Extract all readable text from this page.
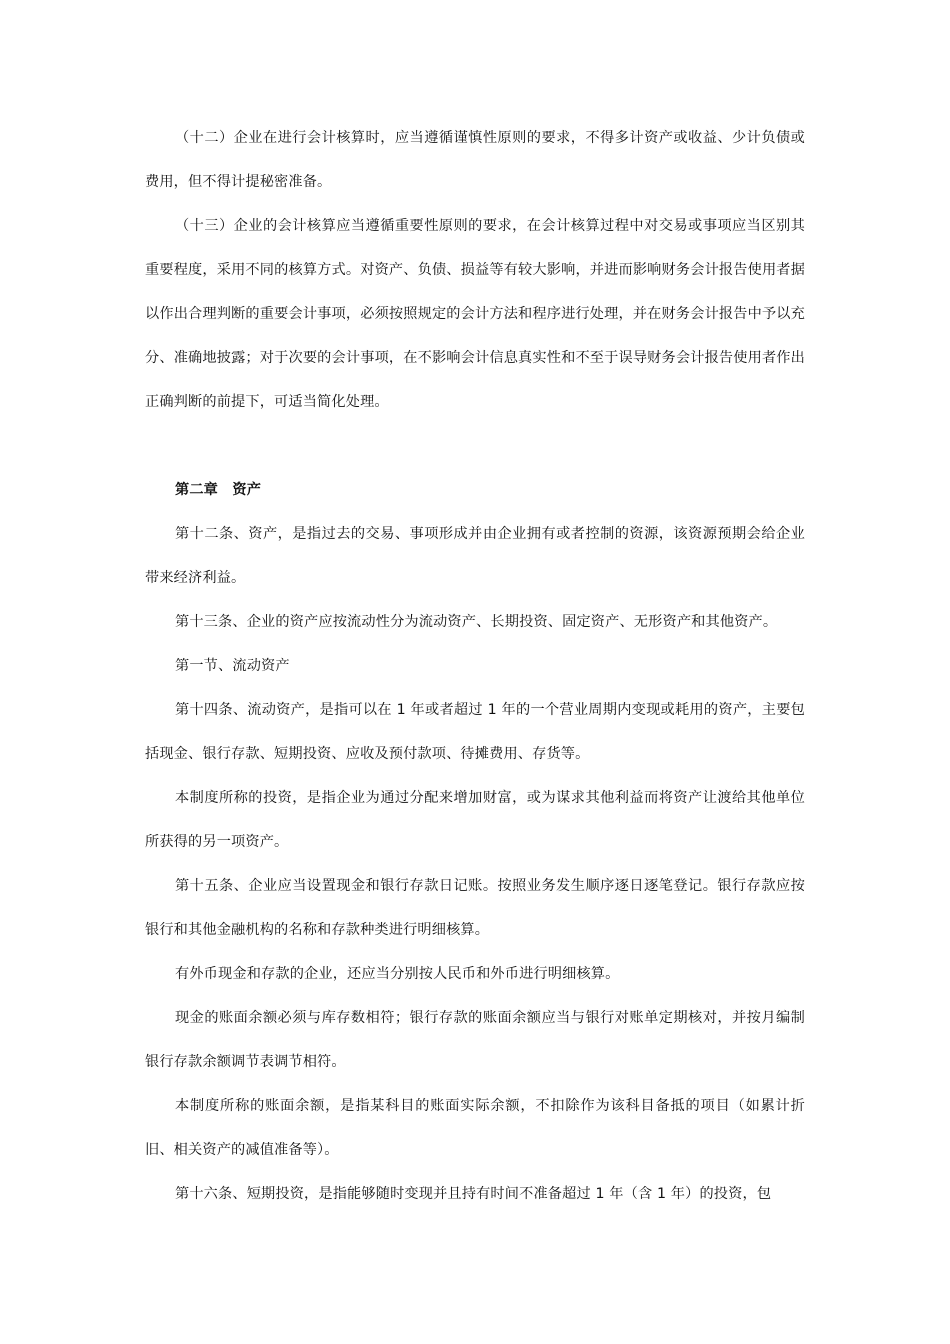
（十二）企业在进行会计核算时，应当遵循谨慎性原则的要求，不得多计资产或收益、少计负债或费用，但不得计提秘密准备。

（十三）企业的会计核算应当遵循重要性原则的要求，在会计核算过程中对交易或事项应当区别其重要程度，采用不同的核算方式。对资产、负债、损益等有较大影响，并进而影响财务会计报告使用者据以作出合理判断的重要会计事项，必须按照规定的会计方法和程序进行处理，并在财务会计报告中予以充分、准确地披露；对于次要的会计事项，在不影响会计信息真实性和不至于误导财务会计报告使用者作出正确判断的前提下，可适当简化处理。

第二章　资产

第十二条、资产，是指过去的交易、事项形成并由企业拥有或者控制的资源，该资源预期会给企业带来经济利益。

第十三条、企业的资产应按流动性分为流动资产、长期投资、固定资产、无形资产和其他资产。

第一节、流动资产

第十四条、流动资产，是指可以在 1 年或者超过 1 年的一个营业周期内变现或耗用的资产，主要包括现金、银行存款、短期投资、应收及预付款项、待摊费用、存货等。

本制度所称的投资，是指企业为通过分配来增加财富，或为谋求其他利益而将资产让渡给其他单位所获得的另一项资产。

第十五条、企业应当设置现金和银行存款日记账。按照业务发生顺序逐日逐笔登记。银行存款应按银行和其他金融机构的名称和存款种类进行明细核算。

有外币现金和存款的企业，还应当分别按人民币和外币进行明细核算。

现金的账面余额必须与库存数相符；银行存款的账面余额应当与银行对账单定期核对，并按月编制银行存款余额调节表调节相符。

本制度所称的账面余额，是指某科目的账面实际余额，不扣除作为该科目备抵的项目（如累计折旧、相关资产的减值准备等）。

第十六条、短期投资，是指能够随时变现并且持有时间不准备超过 1 年（含 1 年）的投资，包
